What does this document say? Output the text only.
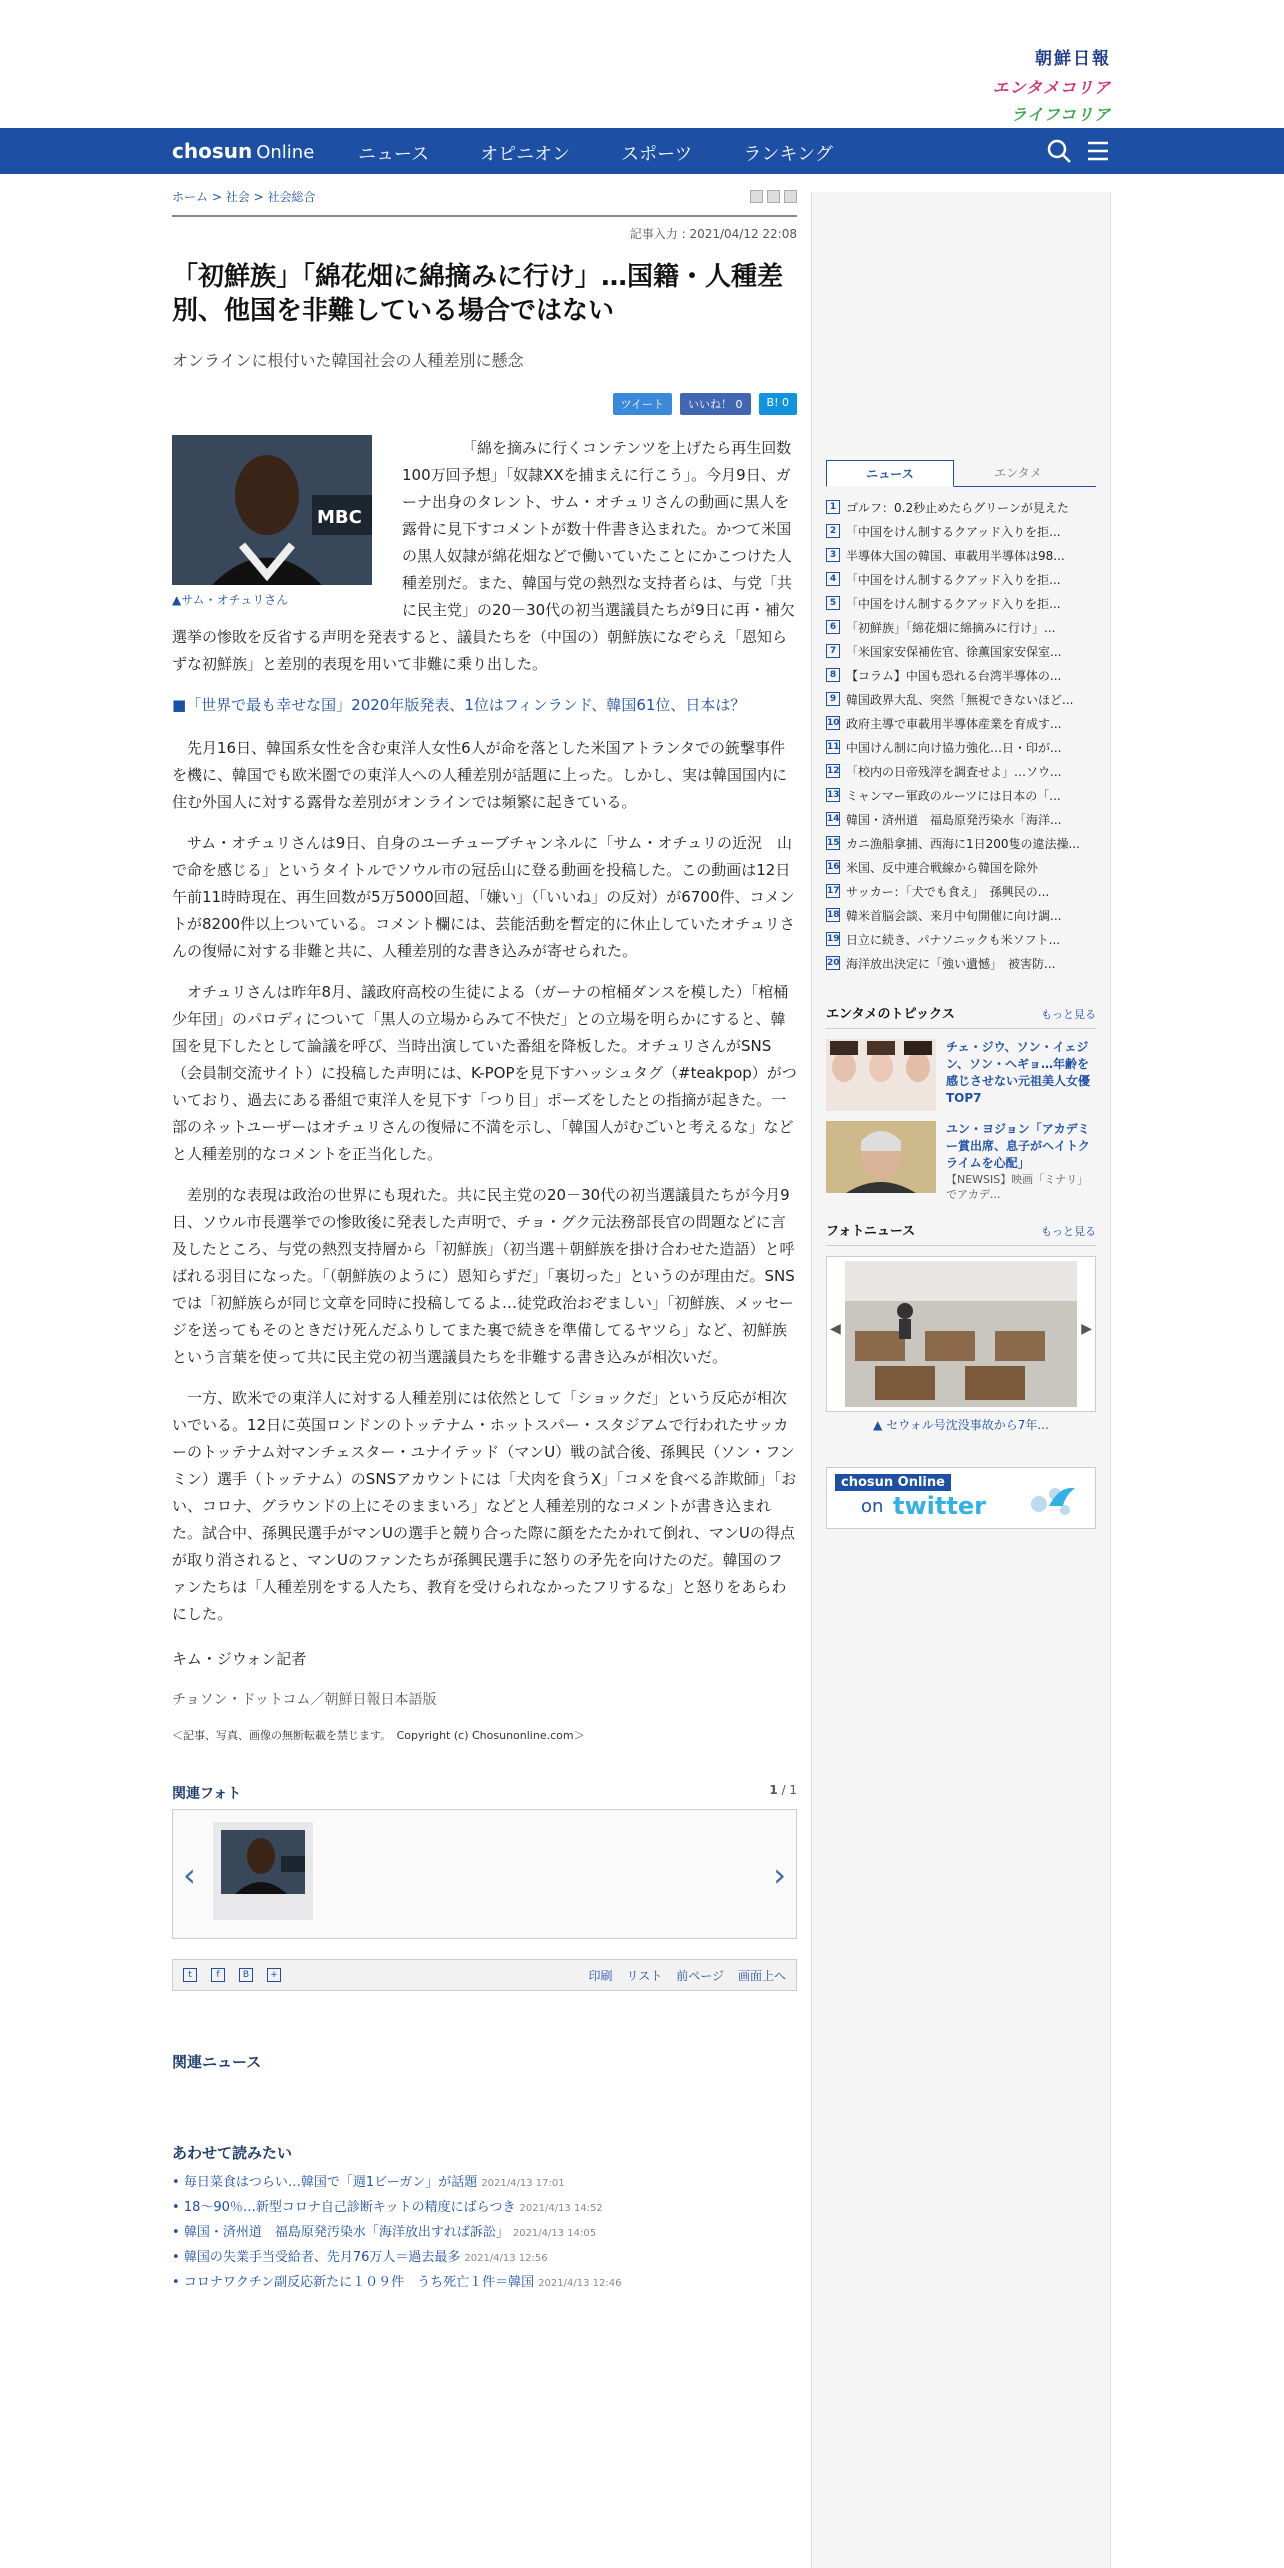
朝鮮日報
エンタメコリア
ライフコリア
chosun Online ニュース	オピニオン	スポーツ	ランキング
ホーム > 社会 > 社会総合
記事入力 : 2021/04/12 22:08
「初鮮族」「綿花畑に綿摘みに行け」…国籍・人種差別、他国を非難している場合ではない
オンラインに根付いた韓国社会の人種差別に懸念
ツイート	いいね！ 0	B! 0
MBC
▲サム・オチュリさん

「綿を摘みに行くコンテンツを上げたら再生回数100万回予想」「奴隷XXを捕まえに行こう」。今月9日、ガーナ出身のタレント、サム・オチュリさんの動画に黒人を露骨に見下すコメントが数十件書き込まれた。かつて米国の黒人奴隷が綿花畑などで働いていたことにかこつけた人種差別だ。また、韓国与党の熱烈な支持者らは、与党「共に民主党」の20－30代の初当選議員たちが9日に再・補欠選挙の惨敗を反省する声明を発表すると、議員たちを（中国の）朝鮮族になぞらえ「恩知らずな初鮮族」と差別的表現を用いて非難に乗り出した。

■「世界で最も幸せな国」2020年版発表、1位はフィンランド、韓国61位、日本は？

先月16日、韓国系女性を含む東洋人女性6人が命を落とした米国アトランタでの銃撃事件を機に、韓国でも欧米圏での東洋人への人種差別が話題に上った。しかし、実は韓国国内に住む外国人に対する露骨な差別がオンラインでは頻繁に起きている。

サム・オチュリさんは9日、自身のユーチューブチャンネルに「サム・オチュリの近況　山で命を感じる」というタイトルでソウル市の冠岳山に登る動画を投稿した。この動画は12日午前11時時現在、再生回数が5万5000回超、「嫌い」（「いいね」の反対）が6700件、コメントが8200件以上ついている。コメント欄には、芸能活動を暫定的に休止していたオチュリさんの復帰に対する非難と共に、人種差別的な書き込みが寄せられた。

オチュリさんは昨年8月、議政府高校の生徒による（ガーナの棺桶ダンスを模した）「棺桶少年団」のパロディについて「黒人の立場からみて不快だ」との立場を明らかにすると、韓国を見下したとして論議を呼び、当時出演していた番組を降板した。オチュリさんがSNS（会員制交流サイト）に投稿した声明には、K-POPを見下すハッシュタグ（#teakpop）がついており、過去にある番組で東洋人を見下す「つり目」ポーズをしたとの指摘が起きた。一部のネットユーザーはオチュリさんの復帰に不満を示し、「韓国人がむごいと考えるな」などと人種差別的なコメントを正当化した。

差別的な表現は政治の世界にも現れた。共に民主党の20－30代の初当選議員たちが今月9日、ソウル市長選挙での惨敗後に発表した声明で、チョ・グク元法務部長官の問題などに言及したところ、与党の熱烈支持層から「初鮮族」（初当選＋朝鮮族を掛け合わせた造語）と呼ばれる羽目になった。「（朝鮮族のように）恩知らずだ」「裏切った」というのが理由だ。SNSでは「初鮮族らが同じ文章を同時に投稿してるよ…徒党政治おぞましい」「初鮮族、メッセージを送ってもそのときだけ死んだふりしてまた裏で続きを準備してるヤツら」など、初鮮族という言葉を使って共に民主党の初当選議員たちを非難する書き込みが相次いだ。

一方、欧米での東洋人に対する人種差別には依然として「ショックだ」という反応が相次いでいる。12日に英国ロンドンのトッテナム・ホットスパー・スタジアムで行われたサッカーのトッテナム対マンチェスター・ユナイテッド（マンU）戦の試合後、孫興民（ソン・フンミン）選手（トッテナム）のSNSアカウントには「犬肉を食うX」「コメを食べる詐欺師」「おい、コロナ、グラウンドの上にそのままいろ」などと人種差別的なコメントが書き込まれた。試合中、孫興民選手がマンUの選手と競り合った際に顔をたたかれて倒れ、マンUの得点が取り消されると、マンUのファンたちが孫興民選手に怒りの矛先を向けたのだ。韓国のファンたちは「人種差別をする人たち、教育を受けられなかったフリするな」と怒りをあらわにした。

キム・ジウォン記者
チョソン・ドットコム／朝鮮日報日本語版
＜記事、写真、画像の無断転載を禁じます。　Copyright (c) Chosunonline.com＞
関連フォト	1 / 1
‹	›
t	f	B	+	印刷 リスト 前ページ 画面上へ
関連ニュース
あわせて読みたい
• 毎日菜食はつらい…韓国で「週1ビーガン」が話題 2021/4/13 17:01
• 18～90％…新型コロナ自己診断キットの精度にばらつき 2021/4/13 14:52
• 韓国・済州道　福島原発汚染水「海洋放出すれば訴訟」 2021/4/13 14:05
• 韓国の失業手当受給者、先月76万人＝過去最多 2021/4/13 12:56
• コロナワクチン副反応新たに１０９件　うち死亡１件＝韓国 2021/4/13 12:46
ニュース	エンタメ
1 ゴルフ：0.2秒止めたらグリーンが見えた
2 「中国をけん制するクアッド入りを拒...
3 半導体大国の韓国、車載用半導体は98...
4 「中国をけん制するクアッド入りを拒...
5 「中国をけん制するクアッド入りを拒...
6 「初鮮族」「綿花畑に綿摘みに行け」...
7 「米国家安保補佐官、徐薫国家安保室...
8 【コラム】中国も恐れる台湾半導体の...
9 韓国政界大乱、突然「無視できないほど...
10 政府主導で車載用半導体産業を育成す...
11 中国けん制に向け協力強化…日・印が...
12 「校内の日帝残滓を調査せよ」…ソウ...
13 ミャンマー軍政のルーツには日本の「...
14 韓国・済州道　福島原発汚染水「海洋...
15 カニ漁船拿捕、西海に1日200隻の違法操...
16 米国、反中連合戦線から韓国を除外
17 サッカー：「犬でも食え」　孫興民の...
18 韓米首脳会談、来月中旬開催に向け調...
19 日立に続き、パナソニックも米ソフト...
20 海洋放出決定に「強い遺憾」　被害防...
エンタメのトピックス	もっと見る
チェ・ジウ、ソン・イェジン、ソン・ヘギョ…年齢を感じさせない元祖美人女優TOP7
ユン・ヨジョン「アカデミー賞出席、息子がヘイトクライムを心配」
【NEWSIS】映画「ミナリ」でアカデ...
フォトニュース	もっと見る
◀	▶
▲ セウォル号沈没事故から7年...
chosun Online
on twitter
